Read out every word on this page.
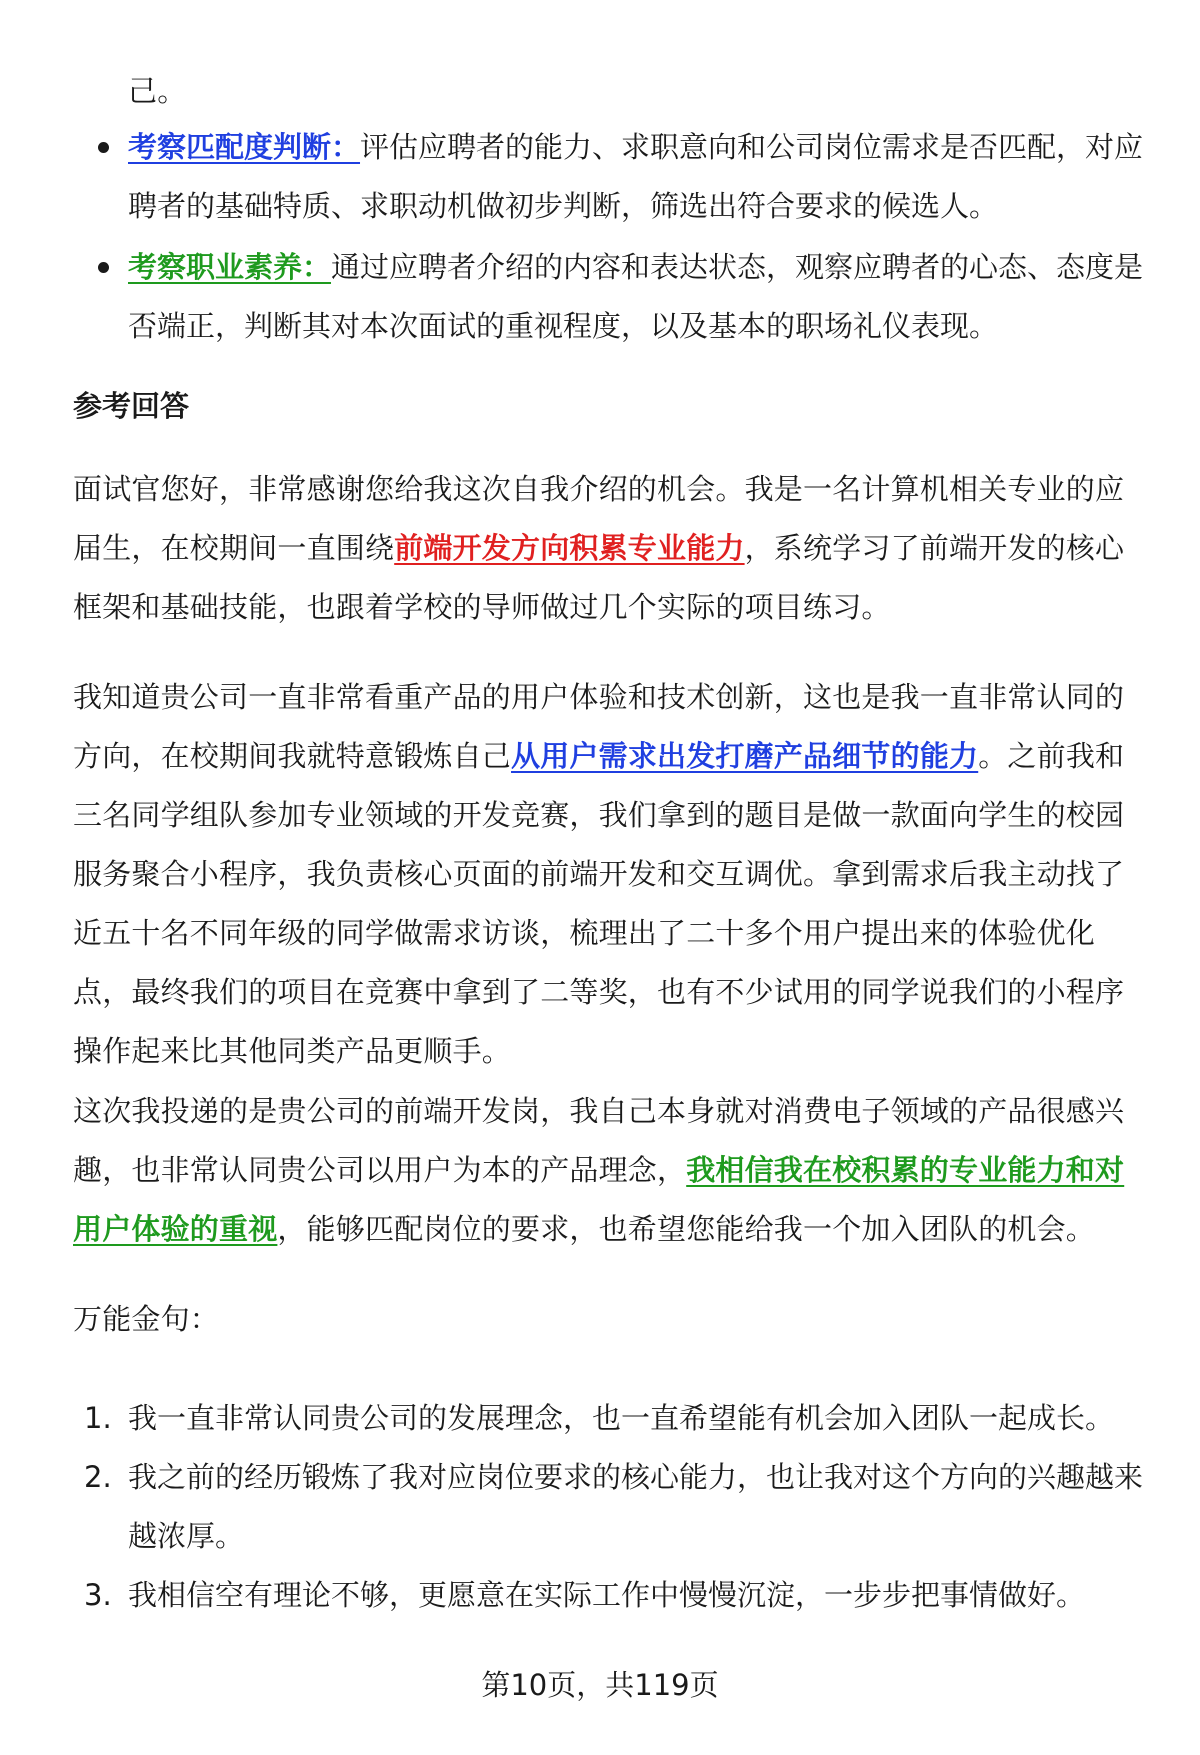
己。

考察匹配度判断：评估应聘者的能力、求职意向和公司岗位需求是否匹配，对应聘者的基础特质、求职动机做初步判断，筛选出符合要求的候选人。

考察职业素养：通过应聘者介绍的内容和表达状态，观察应聘者的心态、态度是否端正，判断其对本次面试的重视程度，以及基本的职场礼仪表现。

参考回答

面试官您好，非常感谢您给我这次自我介绍的机会。我是一名计算机相关专业的应届生，在校期间一直围绕前端开发方向积累专业能力，系统学习了前端开发的核心框架和基础技能，也跟着学校的导师做过几个实际的项目练习。

我知道贵公司一直非常看重产品的用户体验和技术创新，这也是我一直非常认同的方向，在校期间我就特意锻炼自己从用户需求出发打磨产品细节的能力。之前我和三名同学组队参加专业领域的开发竞赛，我们拿到的题目是做一款面向学生的校园服务聚合小程序，我负责核心页面的前端开发和交互调优。拿到需求后我主动找了近五十名不同年级的同学做需求访谈，梳理出了二十多个用户提出来的体验优化点，最终我们的项目在竞赛中拿到了二等奖，也有不少试用的同学说我们的小程序操作起来比其他同类产品更顺手。

这次我投递的是贵公司的前端开发岗，我自己本身就对消费电子领域的产品很感兴趣，也非常认同贵公司以用户为本的产品理念，我相信我在校积累的专业能力和对用户体验的重视，能够匹配岗位的要求，也希望您能给我一个加入团队的机会。

万能金句：

1. 我一直非常认同贵公司的发展理念，也一直希望能有机会加入团队一起成长。

2. 我之前的经历锻炼了我对应岗位要求的核心能力，也让我对这个方向的兴趣越来越浓厚。

3. 我相信空有理论不够，更愿意在实际工作中慢慢沉淀，一步步把事情做好。

第10页，共119页
